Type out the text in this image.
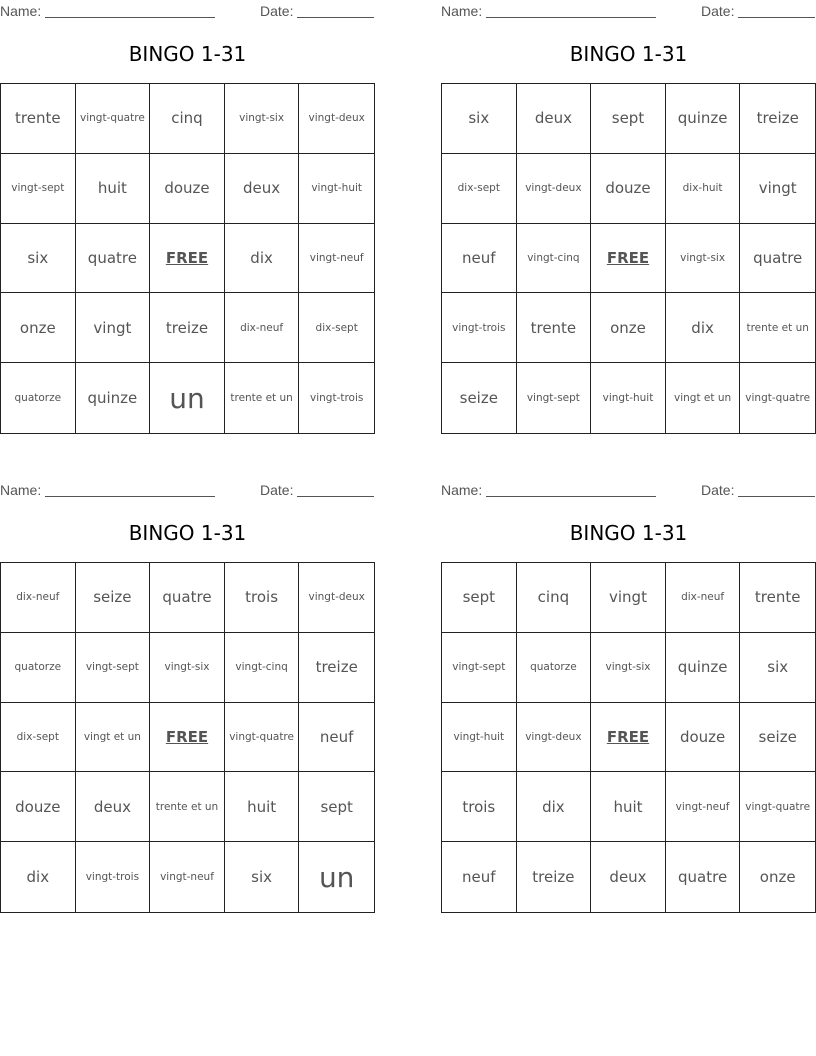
Name:	Date:
BINGO 1-31
trente	vingt-quatre	cinq	vingt-six	vingt-deux
vingt-sept	huit	douze	deux	vingt-huit
six	quatre	FREE	dix	vingt-neuf
onze	vingt	treize	dix-neuf	dix-sept
quatorze	quinze	un	trente et un	vingt-trois
Name:	Date:
BINGO 1-31
six	deux	sept	quinze	treize
dix-sept	vingt-deux	douze	dix-huit	vingt
neuf	vingt-cinq	FREE	vingt-six	quatre
vingt-trois	trente	onze	dix	trente et un
seize	vingt-sept	vingt-huit	vingt et un	vingt-quatre
Name:	Date:
BINGO 1-31
dix-neuf	seize	quatre	trois	vingt-deux
quatorze	vingt-sept	vingt-six	vingt-cinq	treize
dix-sept	vingt et un	FREE	vingt-quatre	neuf
douze	deux	trente et un	huit	sept
dix	vingt-trois	vingt-neuf	six	un
Name:	Date:
BINGO 1-31
sept	cinq	vingt	dix-neuf	trente
vingt-sept	quatorze	vingt-six	quinze	six
vingt-huit	vingt-deux	FREE	douze	seize
trois	dix	huit	vingt-neuf	vingt-quatre
neuf	treize	deux	quatre	onze
